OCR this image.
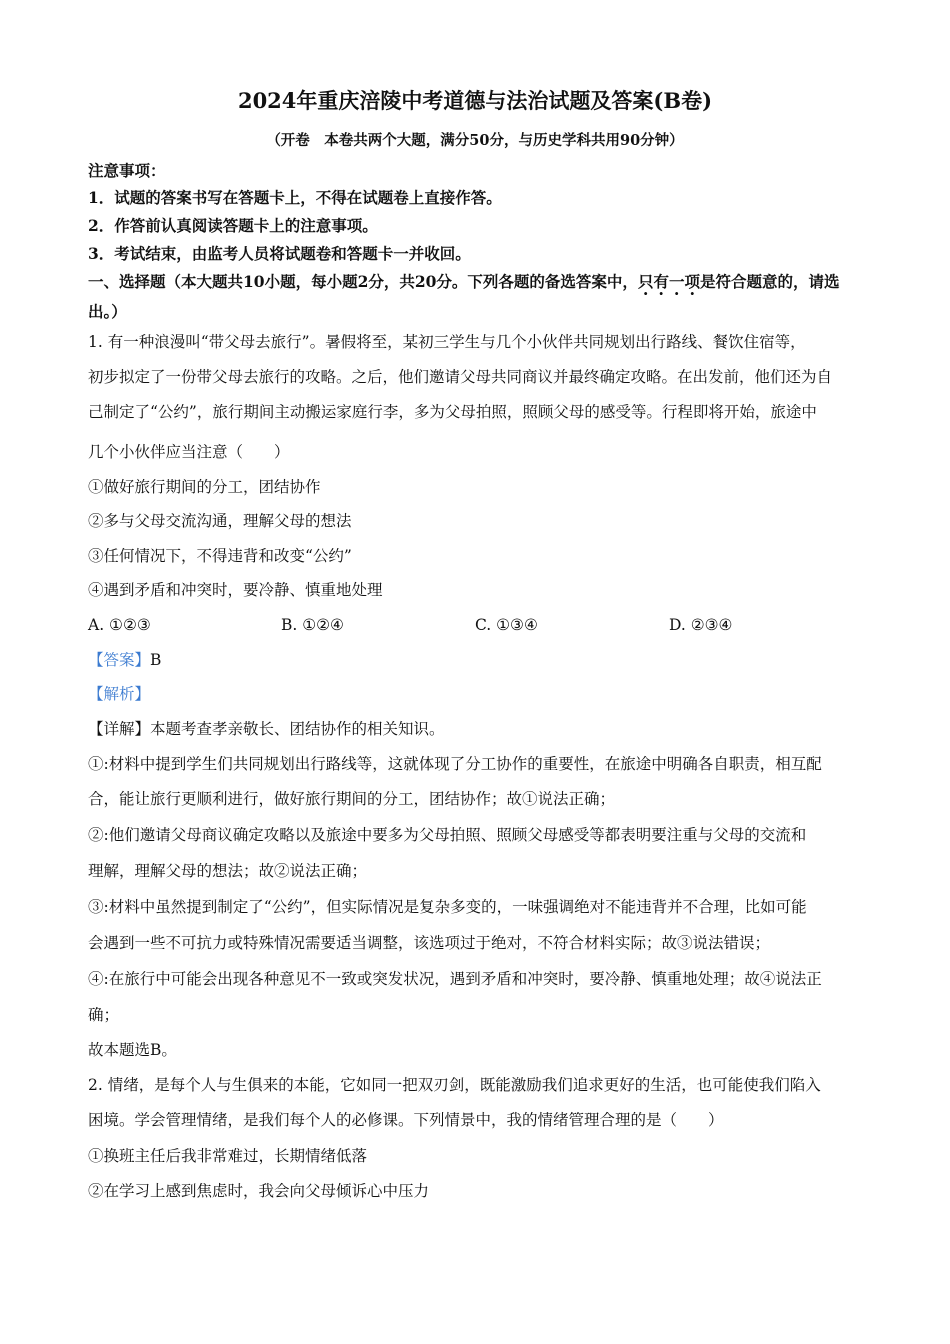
2024年重庆涪陵中考道德与法治试题及答案(B卷)
（开卷　本卷共两个大题，满分50分，与历史学科共用90分钟）
注意事项：
1．试题的答案书写在答题卡上，不得在试题卷上直接作答。
2．作答前认真阅读答题卡上的注意事项。
3．考试结束，由监考人员将试题卷和答题卡一并收回。
一、选择题（本大题共10小题，每小题2分，共20分。下列各题的备选答案中，只有一项是符合题意的，请选
出。）
1. 有一种浪漫叫“带父母去旅行”。暑假将至，某初三学生与几个小伙伴共同规划出行路线、餐饮住宿等，
初步拟定了一份带父母去旅行的攻略。之后，他们邀请父母共同商议并最终确定攻略。在出发前，他们还为自
己制定了“公约”，旅行期间主动搬运家庭行李，多为父母拍照，照顾父母的感受等。行程即将开始，旅途中
几个小伙伴应当注意（　　）
①做好旅行期间的分工，团结协作
②多与父母交流沟通，理解父母的想法
③任何情况下，不得违背和改变“公约”
④遇到矛盾和冲突时，要冷静、慎重地处理
A. ①②③	B. ①②④	C. ①③④	D. ②③④
【答案】B
【解析】
【详解】本题考查孝亲敬长、团结协作的相关知识。
①:材料中提到学生们共同规划出行路线等，这就体现了分工协作的重要性，在旅途中明确各自职责，相互配
合，能让旅行更顺利进行，做好旅行期间的分工，团结协作；故①说法正确；
②:他们邀请父母商议确定攻略以及旅途中要多为父母拍照、照顾父母感受等都表明要注重与父母的交流和
理解，理解父母的想法；故②说法正确；
③:材料中虽然提到制定了“公约”，但实际情况是复杂多变的，一味强调绝对不能违背并不合理，比如可能
会遇到一些不可抗力或特殊情况需要适当调整，该选项过于绝对，不符合材料实际；故③说法错误；
④:在旅行中可能会出现各种意见不一致或突发状况，遇到矛盾和冲突时，要冷静、慎重地处理；故④说法正
确；
故本题选B。
2. 情绪，是每个人与生俱来的本能，它如同一把双刃剑，既能激励我们追求更好的生活，也可能使我们陷入
困境。学会管理情绪，是我们每个人的必修课。下列情景中，我的情绪管理合理的是（　　）
①换班主任后我非常难过，长期情绪低落
②在学习上感到焦虑时，我会向父母倾诉心中压力
